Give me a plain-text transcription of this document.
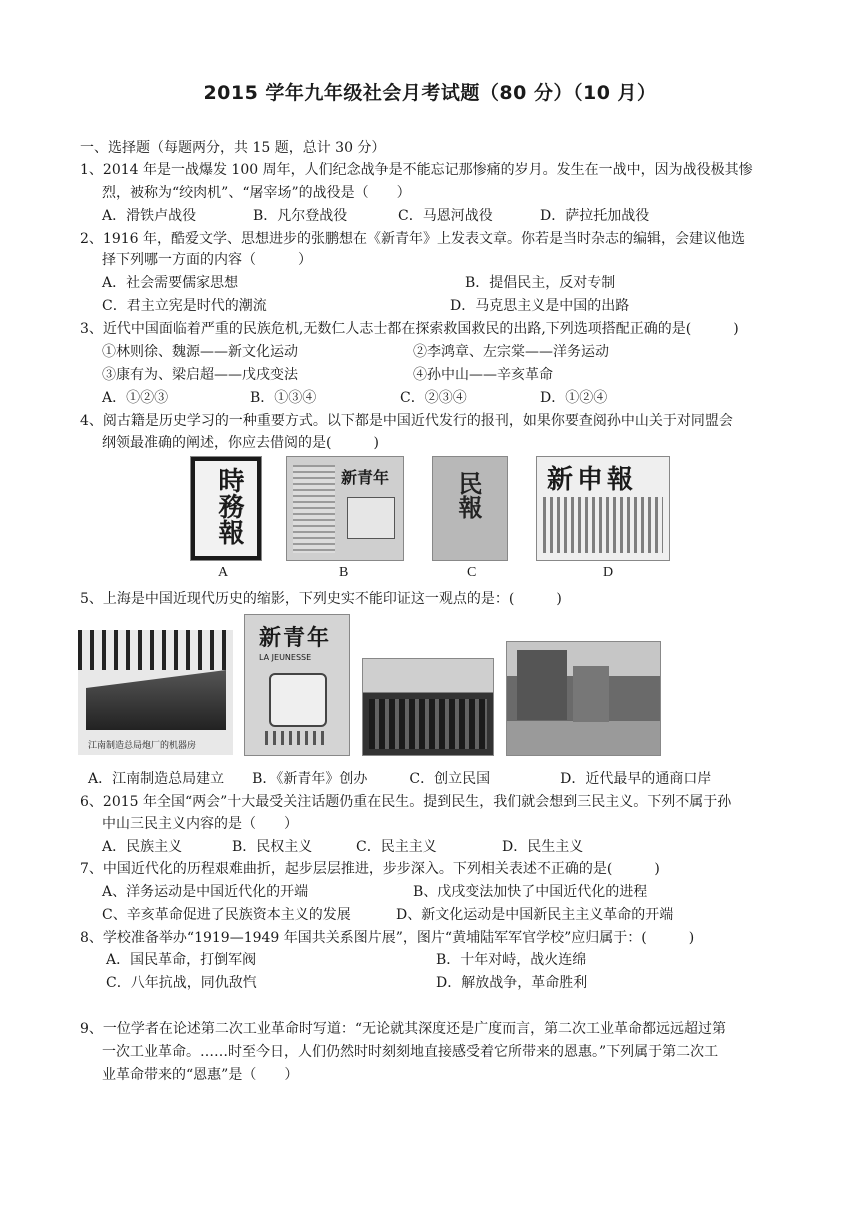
2015 学年九年级社会月考试题（80 分）（10 月）
一、选择题（每题两分，共 15 题，总计 30 分）
1、2014 年是一战爆发 100 周年，人们纪念战争是不能忘记那惨痛的岁月。发生在一战中，因为战役极其惨
烈，被称为“绞肉机”、“屠宰场”的战役是（　　）
A．滑铁卢战役	B．凡尔登战役	C．马恩河战役	D．萨拉托加战役
2、1916 年，酷爱文学、思想进步的张鹏想在《新青年》上发表文章。你若是当时杂志的编辑，会建议他选
择下列哪一方面的内容（　　　）
A．社会需要儒家思想	B．提倡民主，反对专制
C．君主立宪是时代的潮流	D．马克思主义是中国的出路
3、近代中国面临着严重的民族危机,无数仁人志士都在探索救国救民的出路,下列选项搭配正确的是(　　　)
①林则徐、魏源——新文化运动	②李鸿章、左宗棠——洋务运动
③康有为、梁启超——戊戌变法	④孙中山——辛亥革命
A．①②③	B．①③④	C．②③④	D．①②④
4、阅古籍是历史学习的一种重要方式。以下都是中国近代发行的报刊，如果你要查阅孙中山关于对同盟会
纲领最准确的阐述，你应去借阅的是(　　　)
時務報	新青年	民報 新申報
A	B	C	D
5、上海是中国近现代历史的缩影，下列史实不能印证这一观点的是：(　　　)
江南制造总局炮厂的机器房
新青年
LA JEUNESSE
A．江南制造总局建立　　B．《新青年》创办　　　C．创立民国　　　　　D．近代最早的通商口岸
6、2015 年全国“两会”十大最受关注话题仍重在民生。提到民生，我们就会想到三民主义。下列不属于孙
中山三民主义内容的是（　　）
A．民族主义	B．民权主义	C．民主主义	D．民生主义
7、中国近代化的历程艰难曲折，起步层层推进，步步深入。下列相关表述不正确的是(　　　)
A、洋务运动是中国近代化的开端	B、戊戌变法加快了中国近代化的进程
C、辛亥革命促进了民族资本主义的发展	D、新文化运动是中国新民主主义革命的开端
8、学校准备举办“1919—1949 年国共关系图片展”，图片“黄埔陆军军官学校”应归属于：(　　　)
A．国民革命，打倒军阀	B．十年对峙，战火连绵
C．八年抗战，同仇敌忾	D．解放战争，革命胜利
9、一位学者在论述第二次工业革命时写道：“无论就其深度还是广度而言，第二次工业革命都远远超过第
一次工业革命。……时至今日，人们仍然时时刻刻地直接感受着它所带来的恩惠。”下列属于第二次工
业革命带来的“恩惠”是（　　）
